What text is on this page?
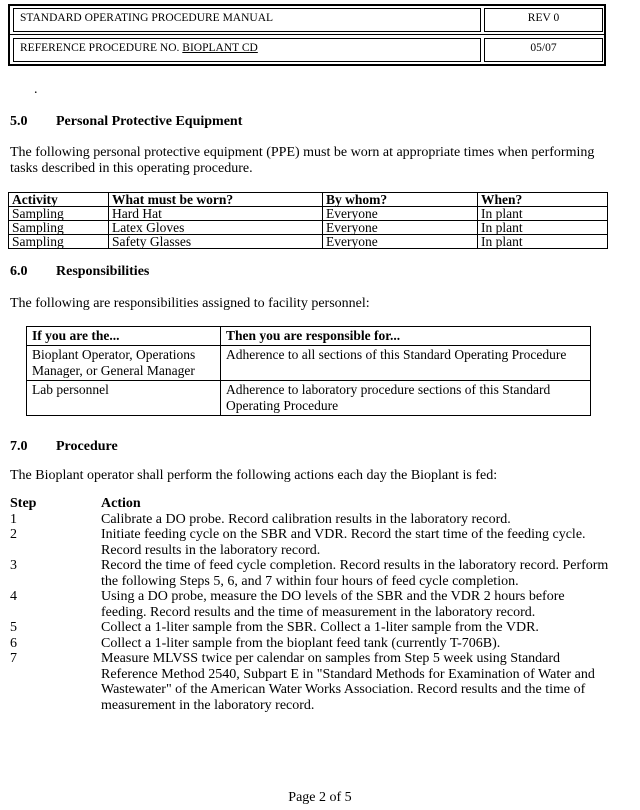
STANDARD OPERATING PROCEDURE MANUAL	REV 0
REFERENCE PROCEDURE NO. BIOPLANT CD	05/07
.
5.0 Personal Protective Equipment
The following personal protective equipment (PPE) must be worn at appropriate times when performing tasks described in this operating procedure.
Activity	What must be worn?	By whom?	When?
Sampling	Hard Hat	Everyone	In plant
Sampling	Latex Gloves	Everyone	In plant
Sampling	Safety Glasses	Everyone	In plant
6.0 Responsibilities
The following are responsibilities assigned to facility personnel:
If you are the...	Then you are responsible for...
Bioplant Operator, Operations Manager, or General Manager	Adherence to all sections of this Standard Operating Procedure
Lab personnel	Adherence to laboratory procedure sections of this Standard Operating Procedure
7.0 Procedure
The Bioplant operator shall perform the following actions each day the Bioplant is fed:
Step	Action
1	Calibrate a DO probe. Record calibration results in the laboratory record.
2	Initiate feeding cycle on the SBR and VDR. Record the start time of the feeding cycle. Record results in the laboratory record.
3	Record the time of feed cycle completion. Record results in the laboratory record. Perform the following Steps 5, 6, and 7 within four hours of feed cycle completion.
4	Using a DO probe, measure the DO levels of the SBR and the VDR 2 hours before feeding. Record results and the time of measurement in the laboratory record.
5	Collect a 1-liter sample from the SBR. Collect a 1-liter sample from the VDR.
6	Collect a 1-liter sample from the bioplant feed tank (currently T-706B).
7	Measure MLVSS twice per calendar on samples from Step 5 week using Standard Reference Method 2540, Subpart E in "Standard Methods for Examination of Water and Wastewater" of the American Water Works Association. Record results and the time of measurement in the laboratory record.
Page 2 of 5
